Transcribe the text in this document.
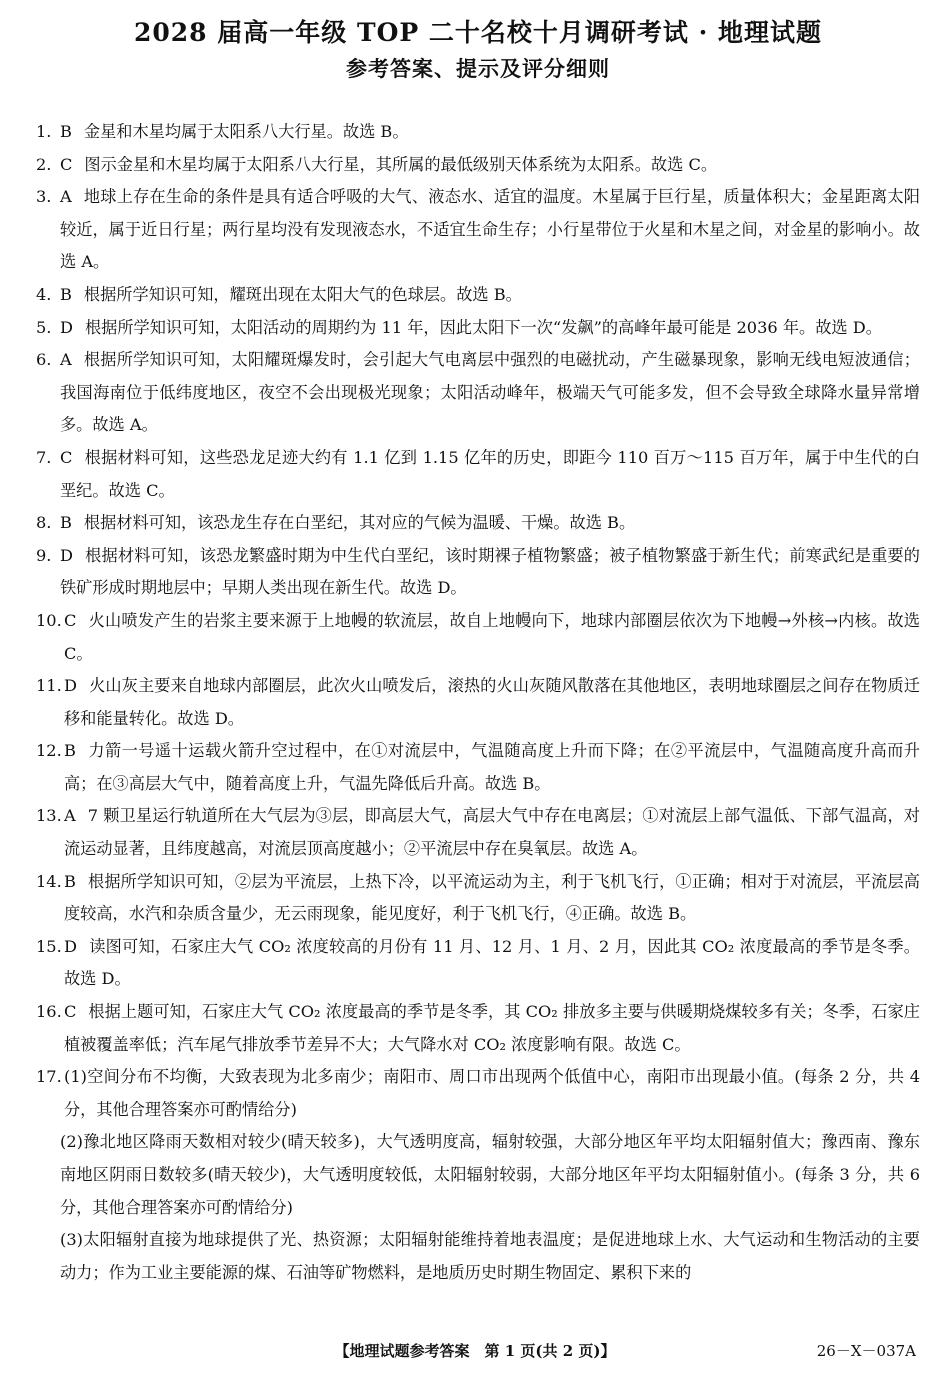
2028 届高一年级 TOP 二十名校十月调研考试 · 地理试题
参考答案、提示及评分细则
1. B 金星和木星均属于太阳系八大行星。故选 B。
2. C 图示金星和木星均属于太阳系八大行星，其所属的最低级别天体系统为太阳系。故选 C。
3. A 地球上存在生命的条件是具有适合呼吸的大气、液态水、适宜的温度。木星属于巨行星，质量体积大；金星距离太阳较近，属于近日行星；两行星均没有发现液态水，不适宜生命生存；小行星带位于火星和木星之间，对金星的影响小。故选 A。
4. B 根据所学知识可知，耀斑出现在太阳大气的色球层。故选 B。
5. D 根据所学知识可知，太阳活动的周期约为 11 年，因此太阳下一次“发飙”的高峰年最可能是 2036 年。故选 D。
6. A 根据所学知识可知，太阳耀斑爆发时，会引起大气电离层中强烈的电磁扰动，产生磁暴现象，影响无线电短波通信；我国海南位于低纬度地区，夜空不会出现极光现象；太阳活动峰年，极端天气可能多发，但不会导致全球降水量异常增多。故选 A。
7. C 根据材料可知，这些恐龙足迹大约有 1.1 亿到 1.15 亿年的历史，即距今 110 百万～115 百万年，属于中生代的白垩纪。故选 C。
8. B 根据材料可知，该恐龙生存在白垩纪，其对应的气候为温暖、干燥。故选 B。
9. D 根据材料可知，该恐龙繁盛时期为中生代白垩纪，该时期裸子植物繁盛；被子植物繁盛于新生代；前寒武纪是重要的铁矿形成时期地层中；早期人类出现在新生代。故选 D。
10. C 火山喷发产生的岩浆主要来源于上地幔的软流层，故自上地幔向下，地球内部圈层依次为下地幔→外核→内核。故选 C。
11. D 火山灰主要来自地球内部圈层，此次火山喷发后，滚热的火山灰随风散落在其他地区，表明地球圈层之间存在物质迁移和能量转化。故选 D。
12. B 力箭一号遥十运载火箭升空过程中，在①对流层中，气温随高度上升而下降；在②平流层中，气温随高度升高而升高；在③高层大气中，随着高度上升，气温先降低后升高。故选 B。
13. A 7 颗卫星运行轨道所在大气层为③层，即高层大气，高层大气中存在电离层；①对流层上部气温低、下部气温高，对流运动显著，且纬度越高，对流层顶高度越小；②平流层中存在臭氧层。故选 A。
14. B 根据所学知识可知，②层为平流层，上热下冷，以平流运动为主，利于飞机飞行，①正确；相对于对流层，平流层高度较高，水汽和杂质含量少，无云雨现象，能见度好，利于飞机飞行，④正确。故选 B。
15. D 读图可知，石家庄大气 CO₂ 浓度较高的月份有 11 月、12 月、1 月、2 月，因此其 CO₂ 浓度最高的季节是冬季。故选 D。
16. C 根据上题可知，石家庄大气 CO₂ 浓度最高的季节是冬季，其 CO₂ 排放多主要与供暖期烧煤较多有关；冬季，石家庄植被覆盖率低；汽车尾气排放季节差异不大；大气降水对 CO₂ 浓度影响有限。故选 C。
17. (1)空间分布不均衡，大致表现为北多南少；南阳市、周口市出现两个低值中心，南阳市出现最小值。(每条 2 分，共 4 分，其他合理答案亦可酌情给分)
(2)豫北地区降雨天数相对较少(晴天较多)，大气透明度高，辐射较强，大部分地区年平均太阳辐射值大；豫西南、豫东南地区阴雨日数较多(晴天较少)，大气透明度较低，太阳辐射较弱，大部分地区年平均太阳辐射值小。(每条 3 分，共 6 分，其他合理答案亦可酌情给分)
(3)太阳辐射直接为地球提供了光、热资源；太阳辐射能维持着地表温度；是促进地球上水、大气运动和生物活动的主要动力；作为工业主要能源的煤、石油等矿物燃料，是地质历史时期生物固定、累积下来的
【地理试题参考答案　第 1 页(共 2 页)】	26－X－037A
